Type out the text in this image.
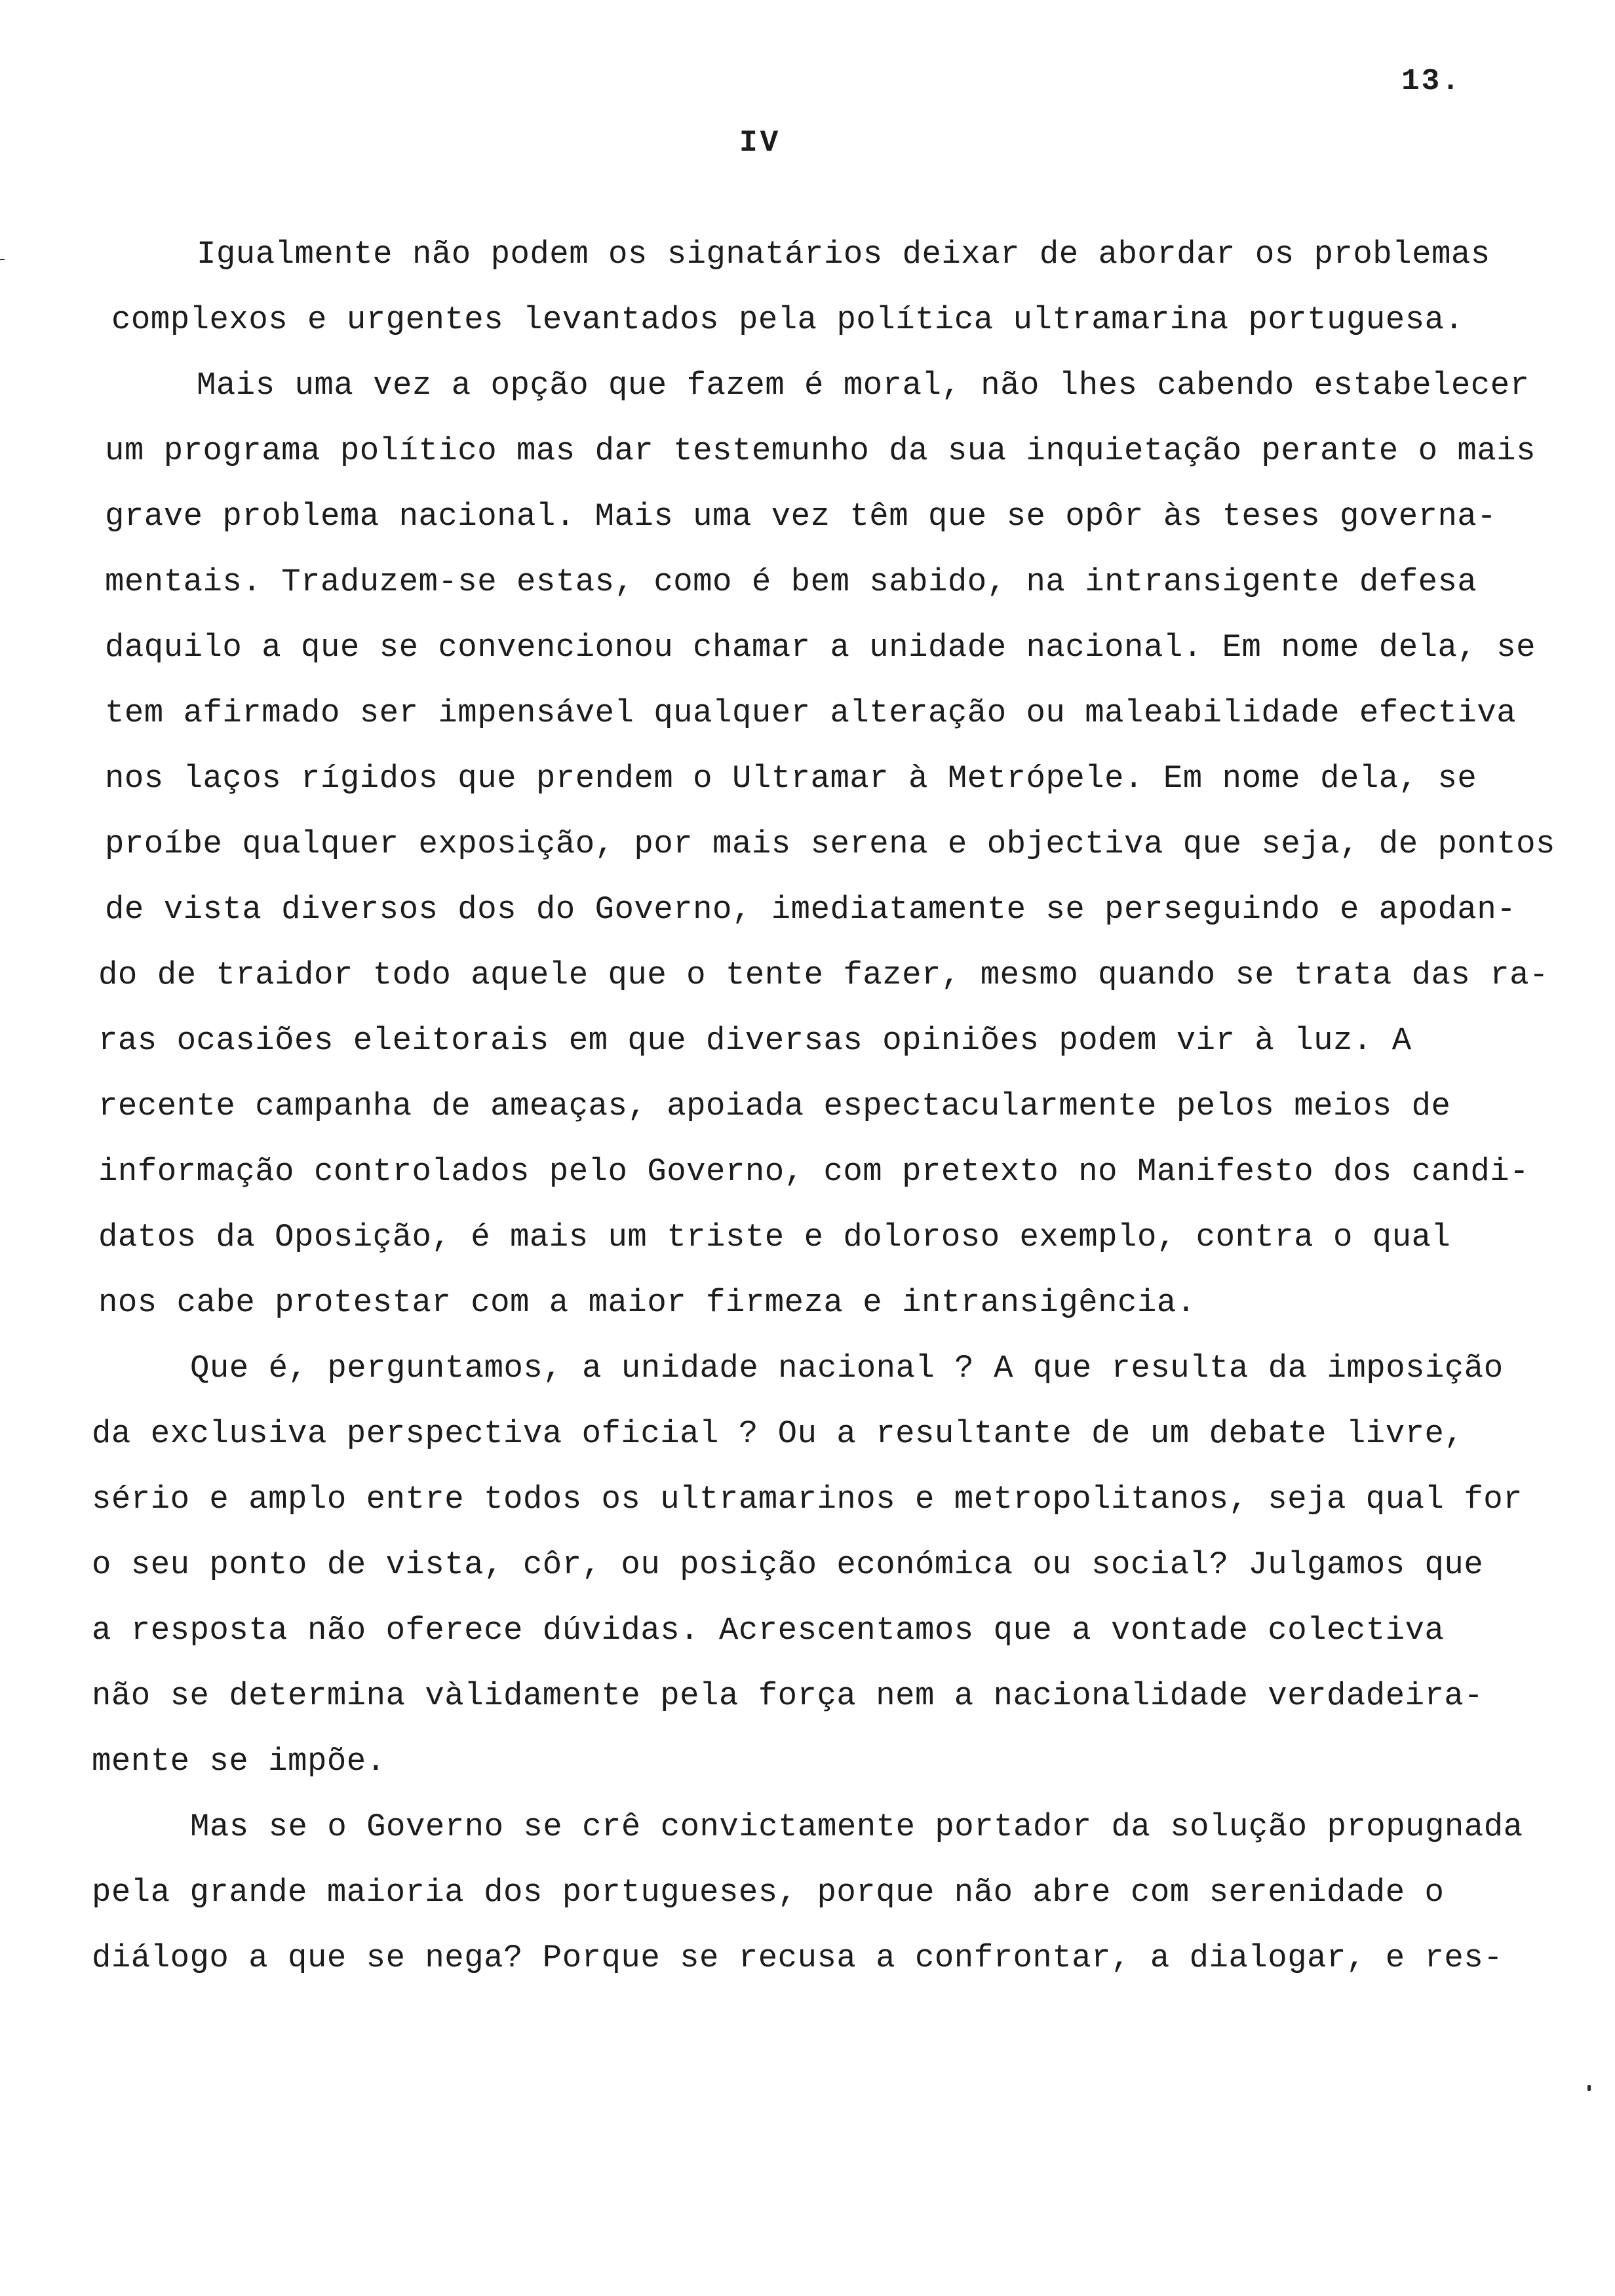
13.
IV
Igualmente não podem os signatários deixar de abordar os problemas
complexos e urgentes levantados pela política ultramarina portuguesa.
Mais uma vez a opção que fazem é moral, não lhes cabendo estabelecer
um programa político mas dar testemunho da sua inquietação perante o mais
grave problema nacional. Mais uma vez têm que se opôr às teses governa-
mentais. Traduzem-se estas, como é bem sabido, na intransigente defesa
daquilo a que se convencionou chamar a unidade nacional. Em nome dela, se
tem afirmado ser impensável qualquer alteração ou maleabilidade efectiva
nos laços rígidos que prendem o Ultramar à Metrópele. Em nome dela, se
proíbe qualquer exposição, por mais serena e objectiva que seja, de pontos
de vista diversos dos do Governo, imediatamente se perseguindo e apodan-
do de traidor todo aquele que o tente fazer, mesmo quando se trata das ra-
ras ocasiões eleitorais em que diversas opiniões podem vir à luz. A
recente campanha de ameaças, apoiada espectacularmente pelos meios de
informação controlados pelo Governo, com pretexto no Manifesto dos candi-
datos da Oposição, é mais um triste e doloroso exemplo, contra o qual
nos cabe protestar com a maior firmeza e intransigência.
Que é, perguntamos, a unidade nacional ? A que resulta da imposição
da exclusiva perspectiva oficial ? Ou a resultante de um debate livre,
sério e amplo entre todos os ultramarinos e metropolitanos, seja qual for
o seu ponto de vista, côr, ou posição económica ou social? Julgamos que
a resposta não oferece dúvidas. Acrescentamos que a vontade colectiva
não se determina vàlidamente pela força nem a nacionalidade verdadeira-
mente se impõe.
Mas se o Governo se crê convictamente portador da solução propugnada
pela grande maioria dos portugueses, porque não abre com serenidade o
diálogo a que se nega? Porque se recusa a confrontar, a dialogar, e res-
